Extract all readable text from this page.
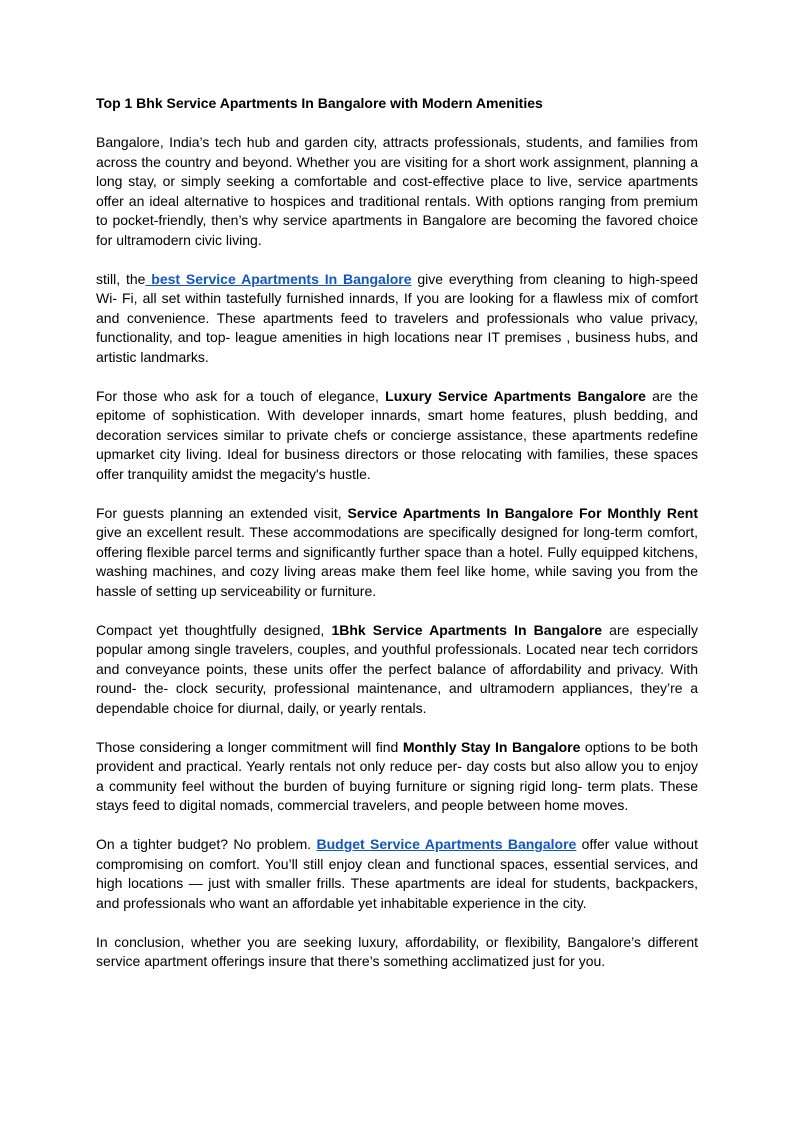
Top 1 Bhk Service Apartments In Bangalore with Modern Amenities
Bangalore, India’s tech hub and garden city, attracts professionals, students, and families from across the country and beyond. Whether you are visiting for a short work assignment, planning a long stay, or simply seeking a comfortable and cost-effective place to live, service apartments offer an ideal alternative to hospices and traditional rentals. With options ranging from premium to pocket-friendly, then’s why service apartments in Bangalore are becoming the favored choice for ultramodern civic living.
still, the best Service Apartments In Bangalore give everything from cleaning to high-speed Wi- Fi, all set within tastefully furnished innards, If you are looking for a flawless mix of comfort and convenience. These apartments feed to travelers and professionals who value privacy, functionality, and top- league amenities in high locations near IT premises , business hubs, and artistic landmarks.
For those who ask for a touch of elegance, Luxury Service Apartments Bangalore are the epitome of sophistication. With developer innards, smart home features, plush bedding, and decoration services similar to private chefs or concierge assistance, these apartments redefine upmarket city living. Ideal for business directors or those relocating with families, these spaces offer tranquility amidst the megacity's hustle.
For guests planning an extended visit, Service Apartments In Bangalore For Monthly Rent give an excellent result. These accommodations are specifically designed for long-term comfort, offering flexible parcel terms and significantly further space than a hotel. Fully equipped kitchens, washing machines, and cozy living areas make them feel like home, while saving you from the hassle of setting up serviceability or furniture.
Compact yet thoughtfully designed, 1Bhk Service Apartments In Bangalore are especially popular among single travelers, couples, and youthful professionals. Located near tech corridors and conveyance points, these units offer the perfect balance of affordability and privacy. With round- the- clock security, professional maintenance, and ultramodern appliances, they’re a dependable choice for diurnal, daily, or yearly rentals.
Those considering a longer commitment will find Monthly Stay In Bangalore options to be both provident and practical. Yearly rentals not only reduce per- day costs but also allow you to enjoy a community feel without the burden of buying furniture or signing rigid long- term plats. These stays feed to digital nomads, commercial travelers, and people between home moves.
On a tighter budget? No problem. Budget Service Apartments Bangalore offer value without compromising on comfort. You’ll still enjoy clean and functional spaces, essential services, and high locations — just with smaller frills. These apartments are ideal for students, backpackers, and professionals who want an affordable yet inhabitable experience in the city.
In conclusion, whether you are seeking luxury, affordability, or flexibility, Bangalore’s different service apartment offerings insure that there’s something acclimatized just for you.
